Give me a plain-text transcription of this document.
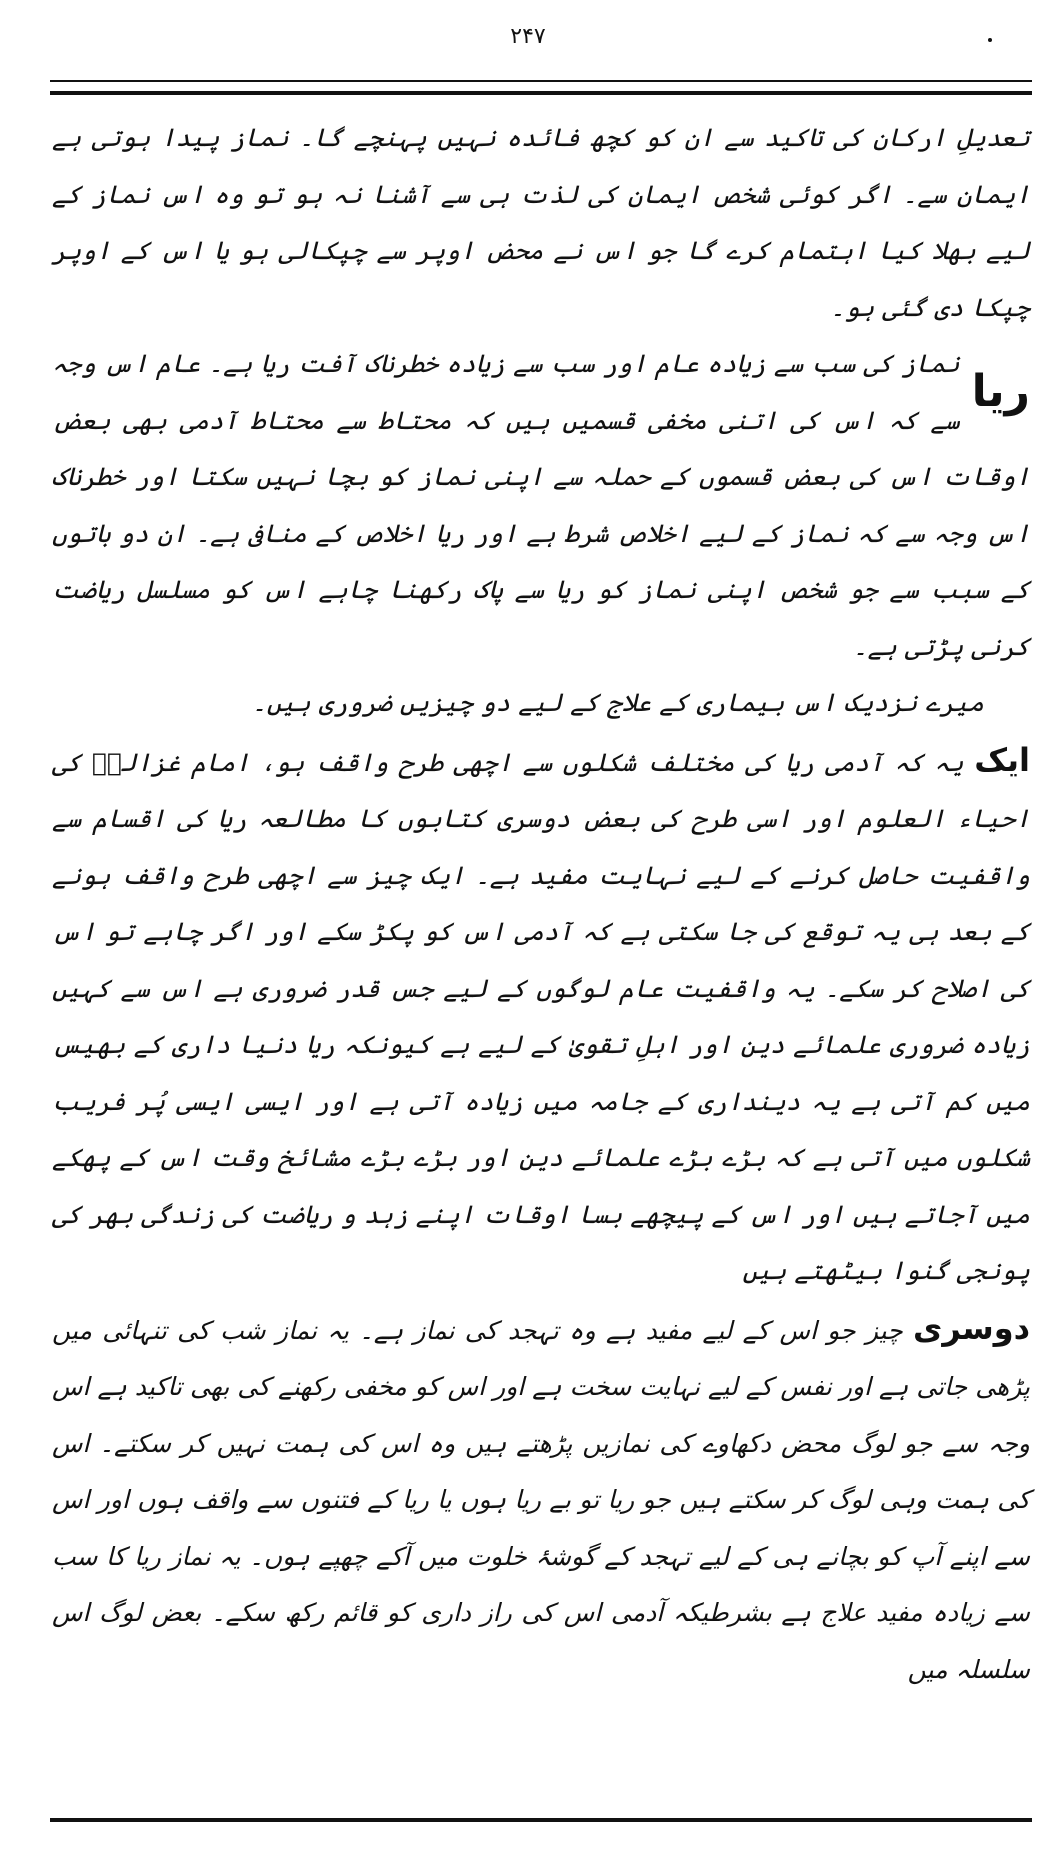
۲۴۷

تعدیلِ ارکان کی تاکید سے ان کو کچھ فائدہ نہیں پہنچے گا۔ نماز پیدا ہوتی ہے ایمان سے۔ اگر کوئی شخص ایمان کی لذت ہی سے آشنا نہ ہو تو وہ اس نماز کے لیے بھلا کیا اہتمام کرے گا جو اس نے محض اوپر سے چپکالی ہو یا اس کے اوپر چپکا دی گئی ہو۔

ریا
نماز کی سب سے زیادہ عام اور سب سے زیادہ خطرناک آفت ریا ہے۔ عام اس وجہ سے کہ اس کی اتنی مخفی قسمیں ہیں کہ محتاط سے محتاط آدمی بھی بعض اوقات اس کی بعض قسموں کے حملہ سے اپنی نماز کو بچا نہیں سکتا اور خطرناک اس وجہ سے کہ نماز کے لیے اخلاص شرط ہے اور ریا اخلاص کے منافی ہے۔ ان دو باتوں کے سبب سے جو شخص اپنی نماز کو ریا سے پاک رکھنا چاہے اس کو مسلسل ریاضت کرنی پڑتی ہے۔

میرے نزدیک اس بیماری کے علاج کے لیے دو چیزیں ضروری ہیں۔

ایک یہ کہ آدمی ریا کی مختلف شکلوں سے اچھی طرح واقف ہو، امام غزالیؒ کی احیاء العلوم اور اسی طرح کی بعض دوسری کتابوں کا مطالعہ ریا کی اقسام سے واقفیت حاصل کرنے کے لیے نہایت مفید ہے۔ ایک چیز سے اچھی طرح واقف ہونے کے بعد ہی یہ توقع کی جا سکتی ہے کہ آدمی اس کو پکڑ سکے اور اگر چاہے تو اس کی اصلاح کر سکے۔ یہ واقفیت عام لوگوں کے لیے جس قدر ضروری ہے اس سے کہیں زیادہ ضروری علمائے دین اور اہلِ تقویٰ کے لیے ہے کیونکہ ریا دنیا داری کے بھیس میں کم آتی ہے یہ دینداری کے جامہ میں زیادہ آتی ہے اور ایسی ایسی پُر فریب شکلوں میں آتی ہے کہ بڑے بڑے علمائے دین اور بڑے بڑے مشائخ وقت اس کے پھکے میں آجاتے ہیں اور اس کے پیچھے بسا اوقات اپنے زہد و ریاضت کی زندگی بھر کی پونجی گنوا بیٹھتے ہیں

دوسری چیز جو اس کے لیے مفید ہے وہ تہجد کی نماز ہے۔ یہ نماز شب کی تنہائی میں پڑھی جاتی ہے اور نفس کے لیے نہایت سخت ہے اور اس کو مخفی رکھنے کی بھی تاکید ہے اس وجہ سے جو لوگ محض دکھاوے کی نمازیں پڑھتے ہیں وہ اس کی ہمت نہیں کر سکتے۔ اس کی ہمت وہی لوگ کر سکتے ہیں جو ریا تو بے ریا ہوں یا ریا کے فتنوں سے واقف ہوں اور اس سے اپنے آپ کو بچانے ہی کے لیے تہجد کے گوشۂ خلوت میں آکے چھپے ہوں۔ یہ نماز ریا کا سب سے زیادہ مفید علاج ہے بشرطیکہ آدمی اس کی راز داری کو قائم رکھ سکے۔ بعض لوگ اس سلسلہ میں
